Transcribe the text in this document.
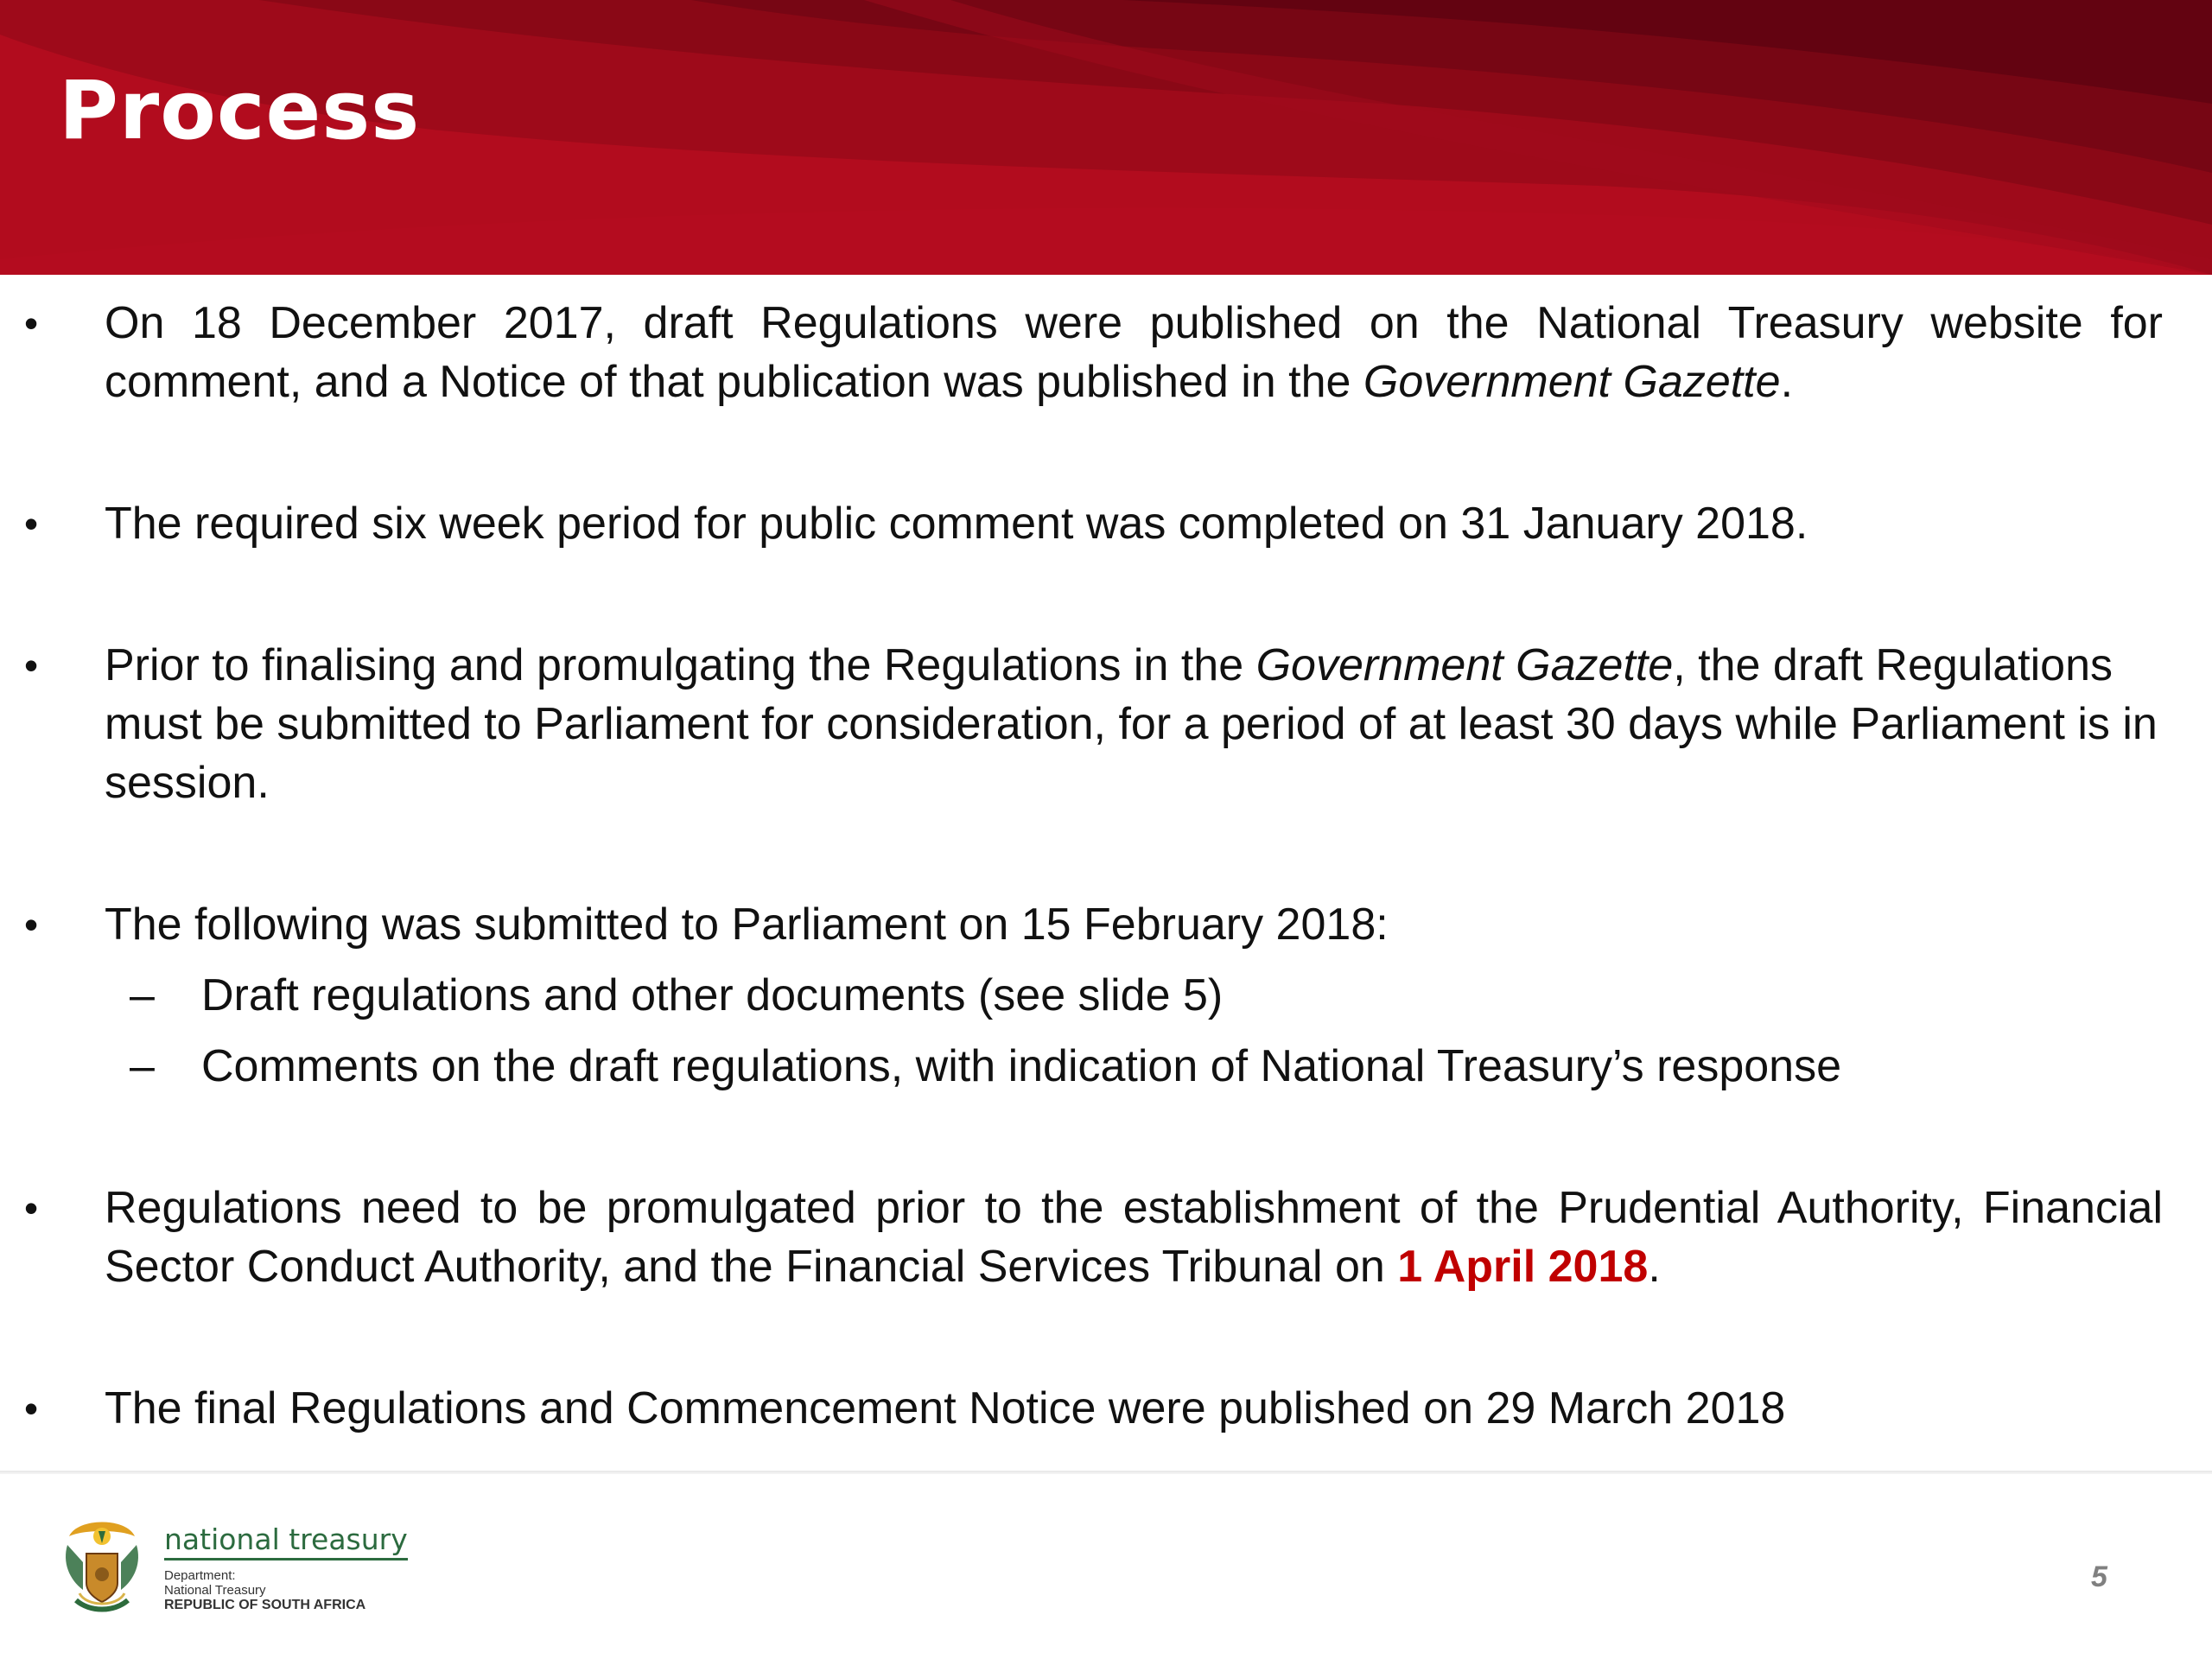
Process
•	On 18 December 2017, draft Regulations were published on the National Treasury website for comment, and a Notice of that publication was published in the Government Gazette.
•	The required six week period for public comment was completed on 31 January 2018.
•	Prior to finalising and promulgating the Regulations in the Government Gazette, the draft Regulations must be submitted to Parliament for consideration, for a period of at least 30 days while Parliament is in session.
•	The following was submitted to Parliament on 15 February 2018:
– Draft regulations and other documents (see slide 5)
– Comments on the draft regulations, with indication of National Treasury’s response
•	Regulations need to be promulgated prior to the establishment of the Prudential Authority, Financial Sector Conduct Authority, and the Financial Services Tribunal on 1 April 2018.
•	The final Regulations and Commencement Notice were published on 29 March 2018
national treasury
Department:
National Treasury
REPUBLIC OF SOUTH AFRICA
5
